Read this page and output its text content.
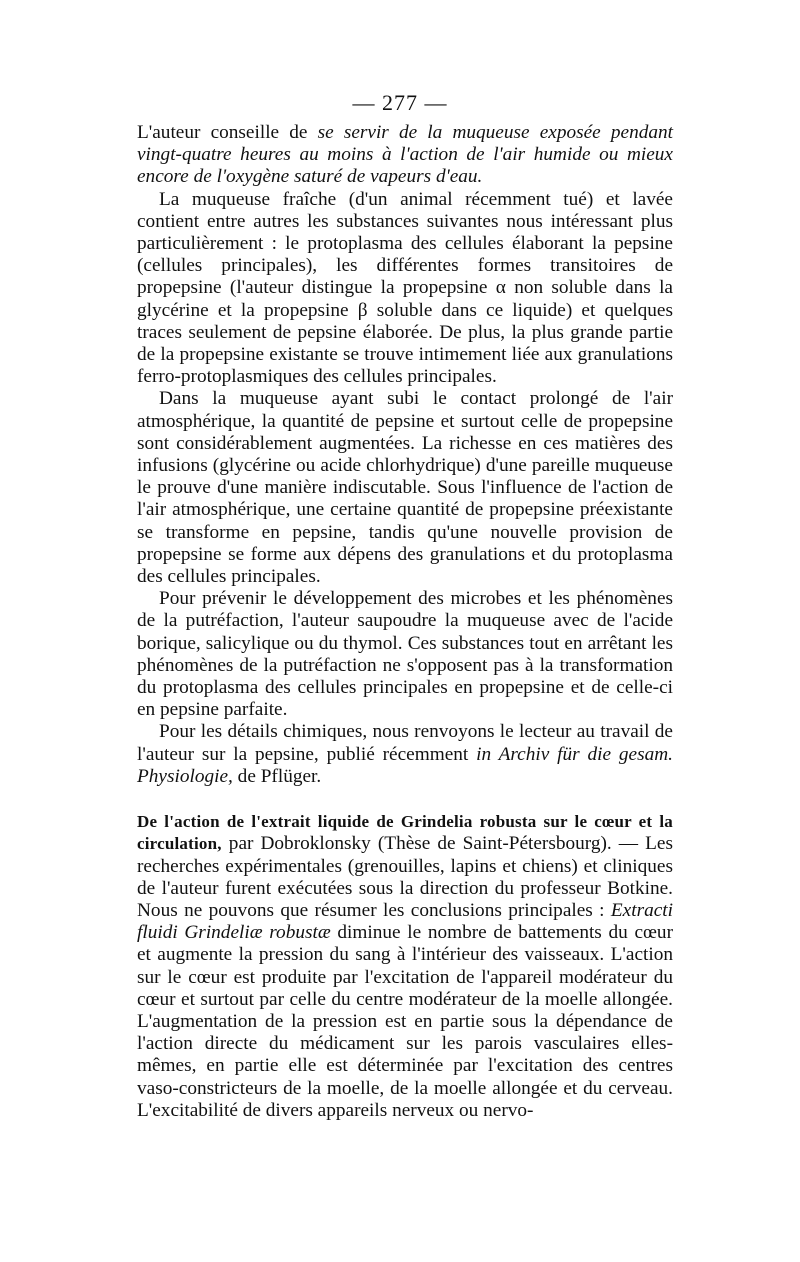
— 277 —

L'auteur conseille de se servir de la muqueuse exposée pendant vingt-quatre heures au moins à l'action de l'air humide ou mieux encore de l'oxygène saturé de vapeurs d'eau.

La muqueuse fraîche (d'un animal récemment tué) et lavée contient entre autres les substances suivantes nous intéressant plus particulièrement : le protoplasma des cellules élaborant la pepsine (cellules principales), les différentes formes transitoires de propepsine (l'auteur distingue la propepsine α non soluble dans la glycérine et la propepsine β soluble dans ce liquide) et quelques traces seulement de pepsine élaborée. De plus, la plus grande partie de la propepsine existante se trouve intimement liée aux granulations ferro-protoplasmiques des cellules principales.

Dans la muqueuse ayant subi le contact prolongé de l'air atmosphérique, la quantité de pepsine et surtout celle de propepsine sont considérablement augmentées. La richesse en ces matières des infusions (glycérine ou acide chlorhydrique) d'une pareille muqueuse le prouve d'une manière indiscutable. Sous l'influence de l'action de l'air atmosphérique, une certaine quantité de propepsine préexistante se transforme en pepsine, tandis qu'une nouvelle provision de propepsine se forme aux dépens des granulations et du protoplasma des cellules principales.

Pour prévenir le développement des microbes et les phénomènes de la putréfaction, l'auteur saupoudre la muqueuse avec de l'acide borique, salicylique ou du thymol. Ces substances tout en arrêtant les phénomènes de la putréfaction ne s'opposent pas à la transformation du protoplasma des cellules principales en propepsine et de celle-ci en pepsine parfaite.

Pour les détails chimiques, nous renvoyons le lecteur au travail de l'auteur sur la pepsine, publié récemment in Archiv für die gesam. Physiologie, de Pflüger.

De l'action de l'extrait liquide de Grindelia robusta sur le cœur et la circulation, par Dobroklonsky (Thèse de Saint-Pétersbourg). — Les recherches expérimentales (grenouilles, lapins et chiens) et cliniques de l'auteur furent exécutées sous la direction du professeur Botkine. Nous ne pouvons que résumer les conclusions principales : Extracti fluidi Grindeliæ robustæ diminue le nombre de battements du cœur et augmente la pression du sang à l'intérieur des vaisseaux. L'action sur le cœur est produite par l'excitation de l'appareil modérateur du cœur et surtout par celle du centre modérateur de la moelle allongée. L'augmentation de la pression est en partie sous la dépendance de l'action directe du médicament sur les parois vasculaires elles-mêmes, en partie elle est déterminée par l'excitation des centres vaso-constricteurs de la moelle, de la moelle allongée et du cerveau. L'excitabilité de divers appareils nerveux ou nervo-
